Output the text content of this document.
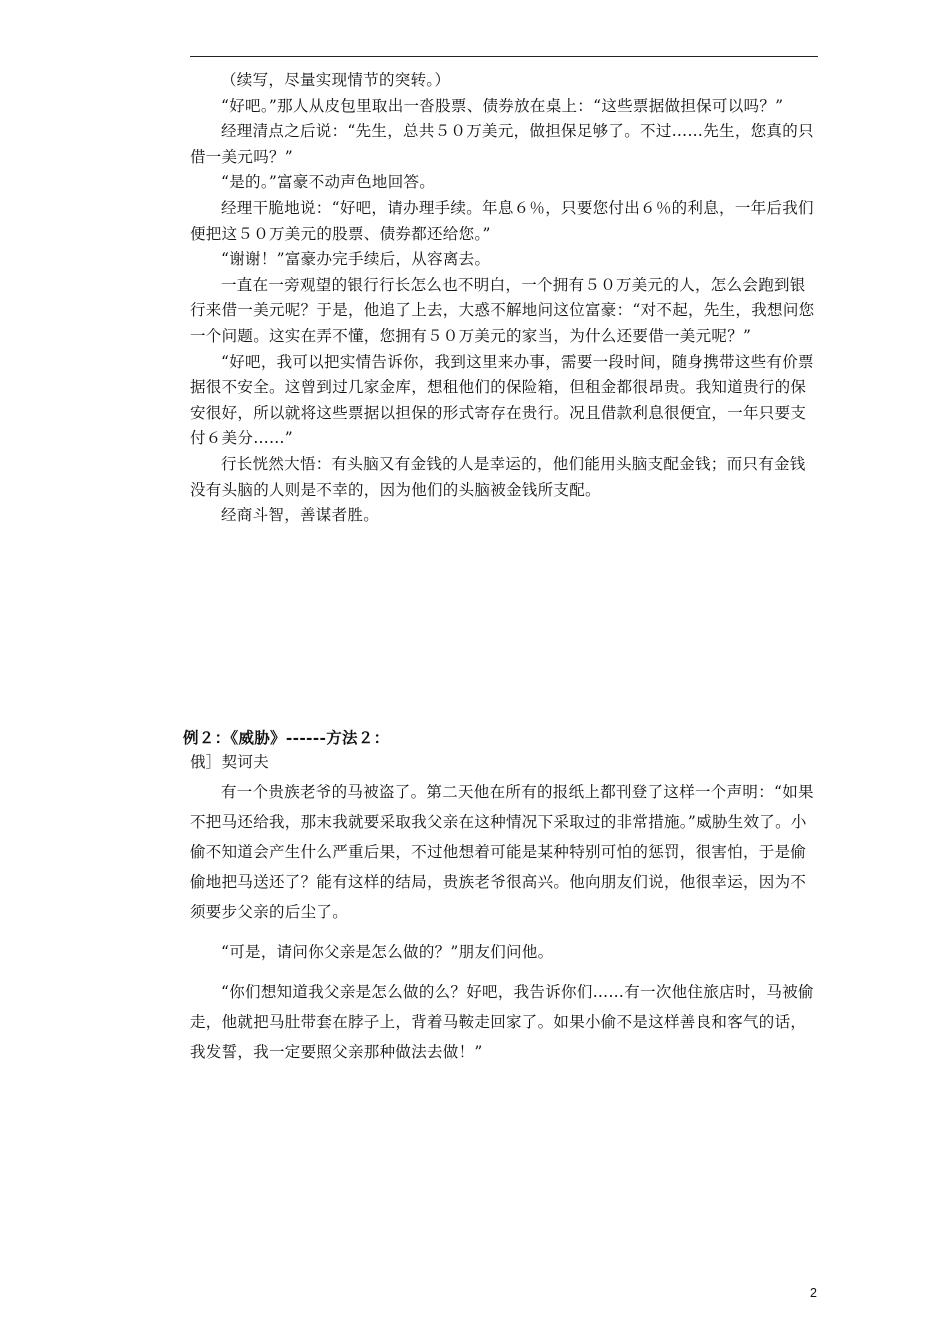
（续写，尽量实现情节的突转。）

“好吧。”那人从皮包里取出一沓股票、债券放在桌上：“这些票据做担保可以吗？”

经理清点之后说：“先生，总共５０万美元，做担保足够了。不过……先生，您真的只借一美元吗？”

“是的。”富豪不动声色地回答。

经理干脆地说：“好吧，请办理手续。年息６％，只要您付出６％的利息，一年后我们便把这５０万美元的股票、债券都还给您。”

“谢谢！”富豪办完手续后，从容离去。

一直在一旁观望的银行行长怎么也不明白，一个拥有５０万美元的人，怎么会跑到银行来借一美元呢？于是，他追了上去，大惑不解地问这位富豪：“对不起，先生，我想问您一个问题。这实在弄不懂，您拥有５０万美元的家当，为什么还要借一美元呢？”

“好吧，我可以把实情告诉你，我到这里来办事，需要一段时间，随身携带这些有价票据很不安全。这曾到过几家金库，想租他们的保险箱，但租金都很昂贵。我知道贵行的保安很好，所以就将这些票据以担保的形式寄存在贵行。况且借款利息很便宜，一年只要支付６美分……”

行长恍然大悟：有头脑又有金钱的人是幸运的，他们能用头脑支配金钱；而只有金钱没有头脑的人则是不幸的，因为他们的头脑被金钱所支配。

经商斗智，善谋者胜。

例２：《威胁》------方法２：
俄］契诃夫

有一个贵族老爷的马被盗了。第二天他在所有的报纸上都刊登了这样一个声明：“如果不把马还给我，那末我就要采取我父亲在这种情况下采取过的非常措施。”威胁生效了。小偷不知道会产生什么严重后果，不过他想着可能是某种特别可怕的惩罚，很害怕，于是偷偷地把马送还了？能有这样的结局，贵族老爷很高兴。他向朋友们说，他很幸运，因为不须要步父亲的后尘了。

“可是，请问你父亲是怎么做的？”朋友们问他。

“你们想知道我父亲是怎么做的么？好吧，我告诉你们……有一次他住旅店时，马被偷走，他就把马肚带套在脖子上，背着马鞍走回家了。如果小偷不是这样善良和客气的话，我发誓，我一定要照父亲那种做法去做！”

2
